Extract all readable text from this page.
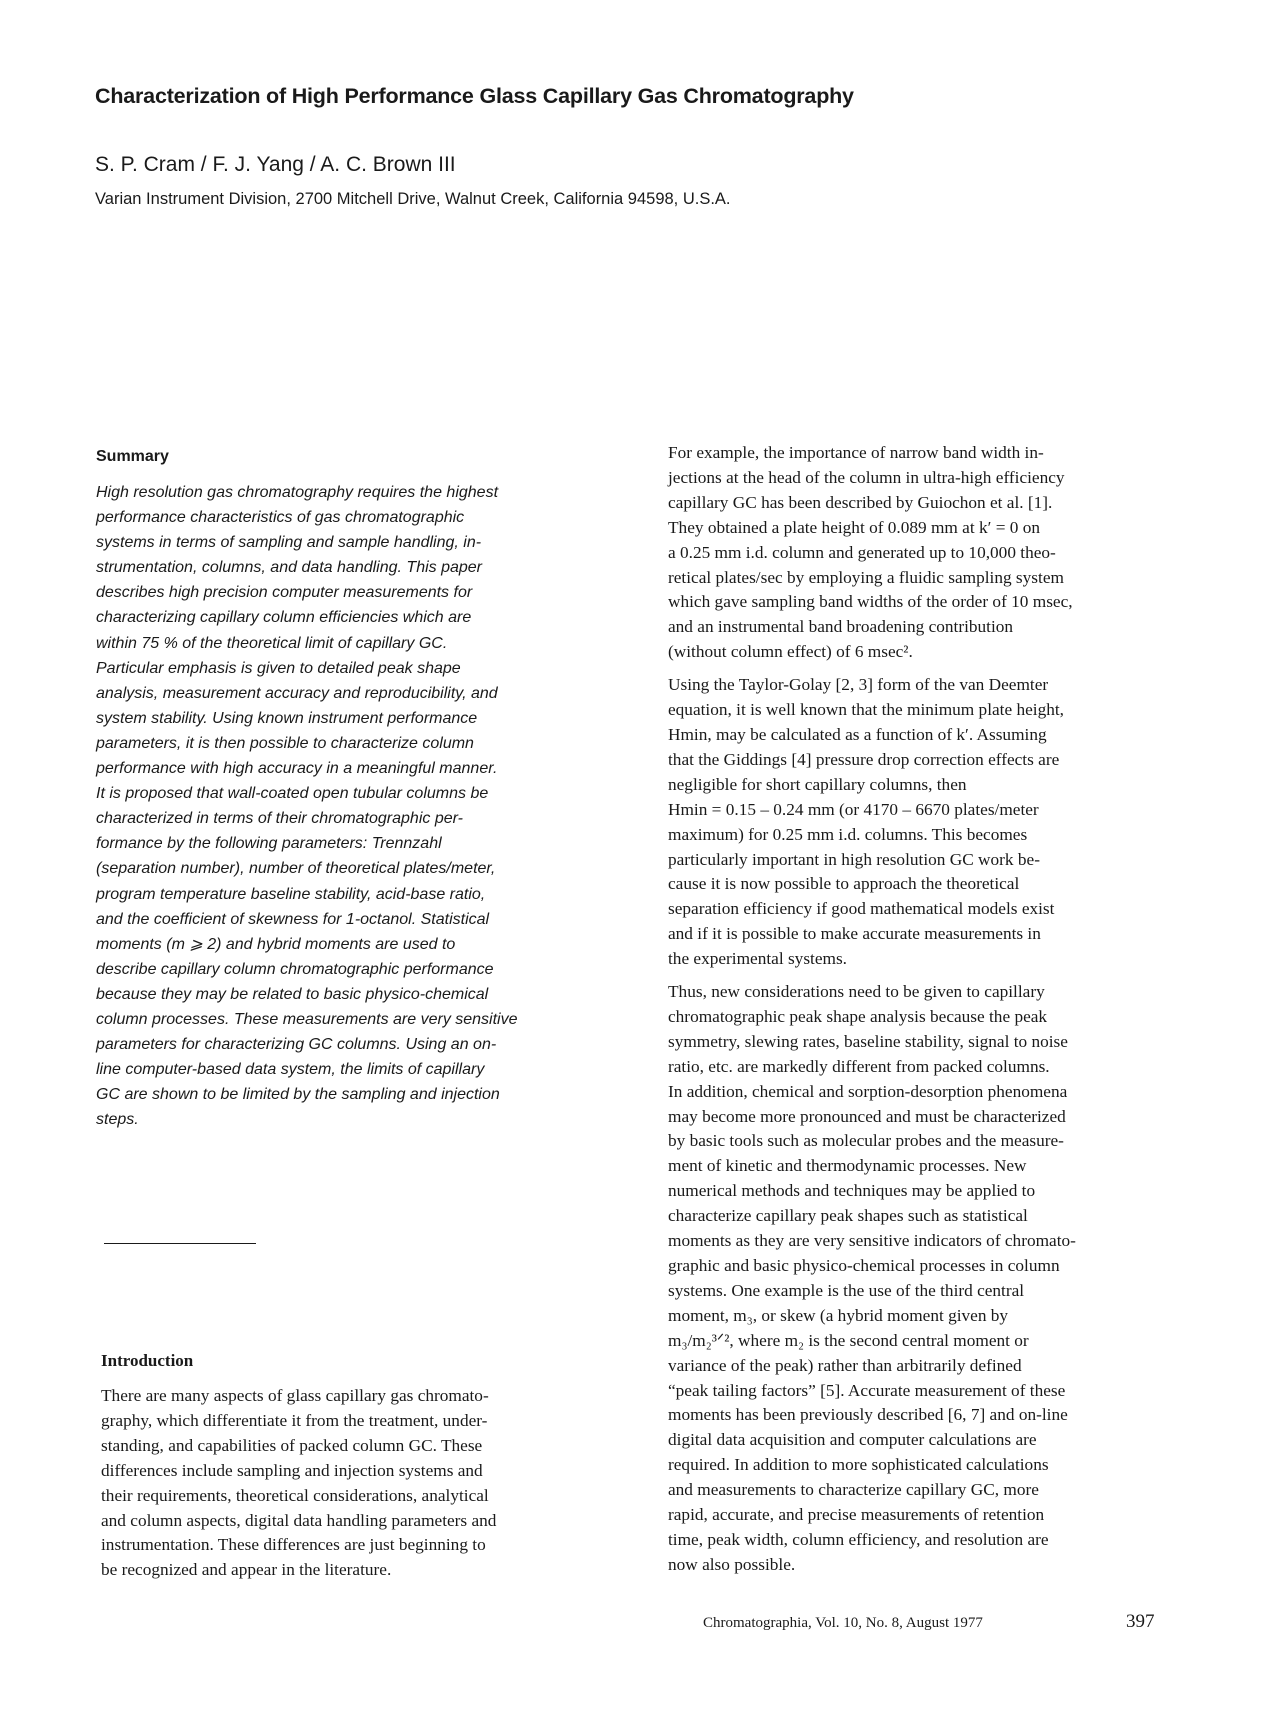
Characterization of High Performance Glass Capillary Gas Chromatography
S. P. Cram / F. J. Yang / A. C. Brown III
Varian Instrument Division, 2700 Mitchell Drive, Walnut Creek, California 94598, U.S.A.
Summary
High resolution gas chromatography requires the highest
performance characteristics of gas chromatographic
systems in terms of sampling and sample handling, in-
strumentation, columns, and data handling. This paper
describes high precision computer measurements for
characterizing capillary column efficiencies which are
within 75 % of the theoretical limit of capillary GC.
Particular emphasis is given to detailed peak shape
analysis, measurement accuracy and reproducibility, and
system stability. Using known instrument performance
parameters, it is then possible to characterize column
performance with high accuracy in a meaningful manner.
It is proposed that wall-coated open tubular columns be
characterized in terms of their chromatographic per-
formance by the following parameters: Trennzahl
(separation number), number of theoretical plates/meter,
program temperature baseline stability, acid-base ratio,
and the coefficient of skewness for 1-octanol. Statistical
moments (m ⩾ 2) and hybrid moments are used to
describe capillary column chromatographic performance
because they may be related to basic physico-chemical
column processes. These measurements are very sensitive
parameters for characterizing GC columns. Using an on-
line computer-based data system, the limits of capillary
GC are shown to be limited by the sampling and injection
steps.
Introduction
There are many aspects of glass capillary gas chromato-
graphy, which differentiate it from the treatment, under-
standing, and capabilities of packed column GC. These
differences include sampling and injection systems and
their requirements, theoretical considerations, analytical
and column aspects, digital data handling parameters and
instrumentation. These differences are just beginning to
be recognized and appear in the literature.
For example, the importance of narrow band width in-
jections at the head of the column in ultra-high efficiency
capillary GC has been described by Guiochon et al. [1].
They obtained a plate height of 0.089 mm at k′ = 0 on
a 0.25 mm i.d. column and generated up to 10,000 theo-
retical plates/sec by employing a fluidic sampling system
which gave sampling band widths of the order of 10 msec,
and an instrumental band broadening contribution
(without column effect) of 6 msec².
Using the Taylor-Golay [2, 3] form of the van Deemter
equation, it is well known that the minimum plate height,
Hmin, may be calculated as a function of k′. Assuming
that the Giddings [4] pressure drop correction effects are
negligible for short capillary columns, then
Hmin = 0.15 – 0.24 mm (or 4170 – 6670 plates/meter
maximum) for 0.25 mm i.d. columns. This becomes
particularly important in high resolution GC work be-
cause it is now possible to approach the theoretical
separation efficiency if good mathematical models exist
and if it is possible to make accurate measurements in
the experimental systems.
Thus, new considerations need to be given to capillary
chromatographic peak shape analysis because the peak
symmetry, slewing rates, baseline stability, signal to noise
ratio, etc. are markedly different from packed columns.
In addition, chemical and sorption-desorption phenomena
may become more pronounced and must be characterized
by basic tools such as molecular probes and the measure-
ment of kinetic and thermodynamic processes. New
numerical methods and techniques may be applied to
characterize capillary peak shapes such as statistical
moments as they are very sensitive indicators of chromato-
graphic and basic physico-chemical processes in column
systems. One example is the use of the third central
moment, m₃, or skew (a hybrid moment given by
m₃/m₂³ᐟ², where m₂ is the second central moment or
variance of the peak) rather than arbitrarily defined
“peak tailing factors” [5]. Accurate measurement of these
moments has been previously described [6, 7] and on-line
digital data acquisition and computer calculations are
required. In addition to more sophisticated calculations
and measurements to characterize capillary GC, more
rapid, accurate, and precise measurements of retention
time, peak width, column efficiency, and resolution are
now also possible.
Chromatographia, Vol. 10, No. 8, August 1977	397
